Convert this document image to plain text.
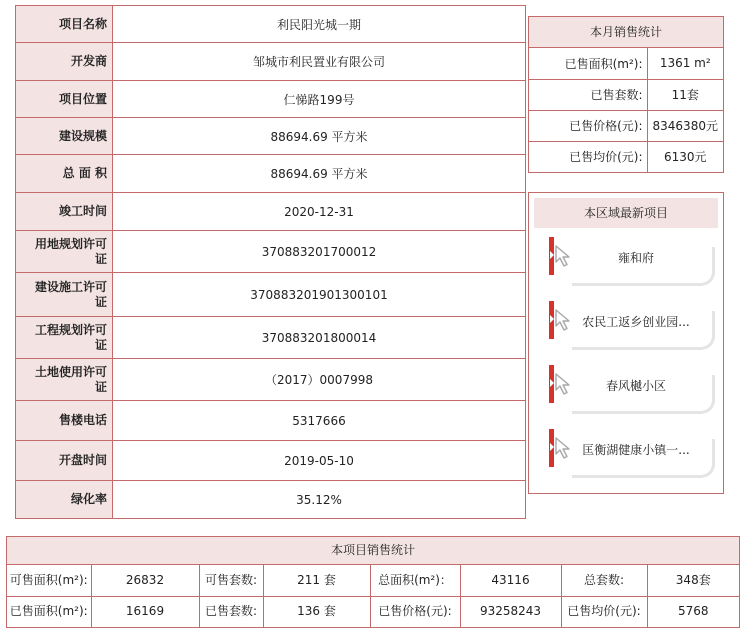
项目名称	利民阳光城一期
开发商	邹城市利民置业有限公司
项目位置	仁悌路199号
建设规模	88694.69 平方米
总 面 积	88694.69 平方米
竣工时间	2020-12-31
用地规划许可证	370883201700012
建设施工许可证	370883201901300101
工程规划许可证	370883201800014
土地使用许可证	（2017）0007998
售楼电话	5317666
开盘时间	2019-05-10
绿化率	35.12%
本月销售统计
已售面积(m²):	1361 m²
已售套数:	11套
已售价格(元):	8346380元
已售均价(元):	6130元
本区域最新项目
雍和府
农民工返乡创业园...
春风樾小区
匡衡湖健康小镇一...
本项目销售统计
可售面积(m²):	26832	可售套数:	211 套	总面积(m²)：	43116	总套数:	348套
已售面积(m²):	16169	已售套数:	136 套	已售价格(元):	93258243	已售均价(元):	5768
